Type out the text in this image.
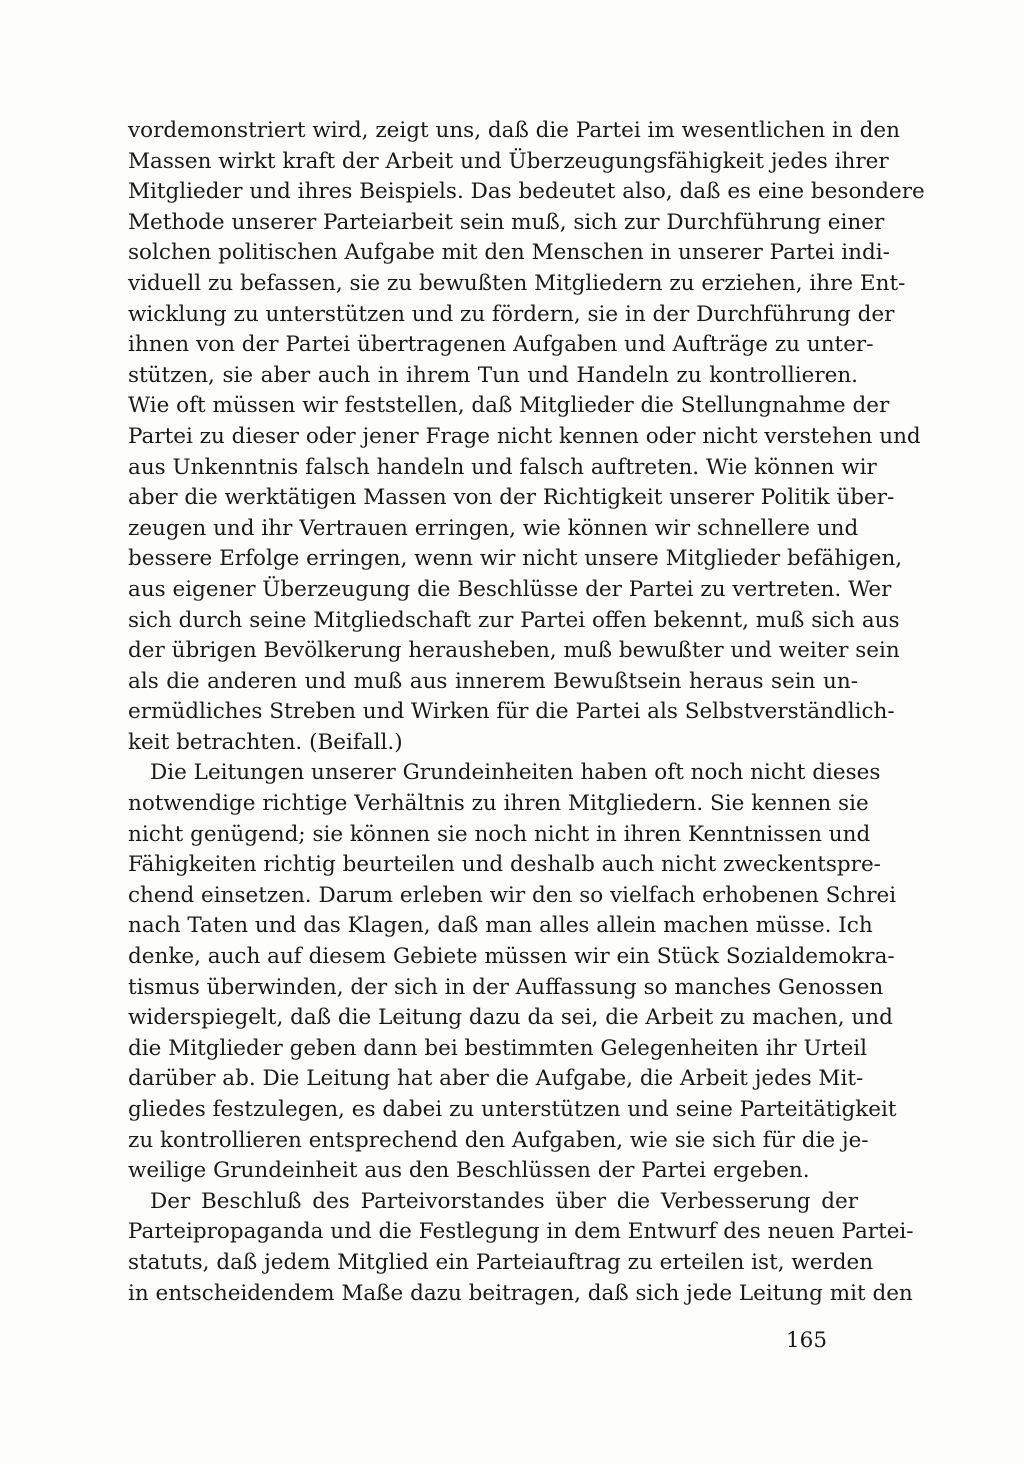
vordemonstriert wird, zeigt uns, daß die Partei im wesentlichen in den
Massen wirkt kraft der Arbeit und Überzeugungsfähigkeit jedes ihrer
Mitglieder und ihres Beispiels. Das bedeutet also, daß es eine besondere
Methode unserer Parteiarbeit sein muß, sich zur Durchführung einer
solchen politischen Aufgabe mit den Menschen in unserer Partei indi-
viduell zu befassen, sie zu bewußten Mitgliedern zu erziehen, ihre Ent-
wicklung zu unterstützen und zu fördern, sie in der Durchführung der
ihnen von der Partei übertragenen Aufgaben und Aufträge zu unter-
stützen, sie aber auch in ihrem Tun und Handeln zu kontrollieren.
Wie oft müssen wir feststellen, daß Mitglieder die Stellungnahme der
Partei zu dieser oder jener Frage nicht kennen oder nicht verstehen und
aus Unkenntnis falsch handeln und falsch auftreten. Wie können wir
aber die werktätigen Massen von der Richtigkeit unserer Politik über-
zeugen und ihr Vertrauen erringen, wie können wir schnellere und
bessere Erfolge erringen, wenn wir nicht unsere Mitglieder befähigen,
aus eigener Überzeugung die Beschlüsse der Partei zu vertreten. Wer
sich durch seine Mitgliedschaft zur Partei offen bekennt, muß sich aus
der übrigen Bevölkerung herausheben, muß bewußter und weiter sein
als die anderen und muß aus innerem Bewußtsein heraus sein un-
ermüdliches Streben und Wirken für die Partei als Selbstverständlich-
keit betrachten. (Beifall.)
Die Leitungen unserer Grundeinheiten haben oft noch nicht dieses
notwendige richtige Verhältnis zu ihren Mitgliedern. Sie kennen sie
nicht genügend; sie können sie noch nicht in ihren Kenntnissen und
Fähigkeiten richtig beurteilen und deshalb auch nicht zweckentspre-
chend einsetzen. Darum erleben wir den so vielfach erhobenen Schrei
nach Taten und das Klagen, daß man alles allein machen müsse. Ich
denke, auch auf diesem Gebiete müssen wir ein Stück Sozialdemokra-
tismus überwinden, der sich in der Auffassung so manches Genossen
widerspiegelt, daß die Leitung dazu da sei, die Arbeit zu machen, und
die Mitglieder geben dann bei bestimmten Gelegenheiten ihr Urteil
darüber ab. Die Leitung hat aber die Aufgabe, die Arbeit jedes Mit-
gliedes festzulegen, es dabei zu unterstützen und seine Parteitätigkeit
zu kontrollieren entsprechend den Aufgaben, wie sie sich für die je-
weilige Grundeinheit aus den Beschlüssen der Partei ergeben.
Der Beschluß des Parteivorstandes über die Verbesserung der
Parteipropaganda und die Festlegung in dem Entwurf des neuen Partei-
statuts, daß jedem Mitglied ein Parteiauftrag zu erteilen ist, werden
in entscheidendem Maße dazu beitragen, daß sich jede Leitung mit den
165
